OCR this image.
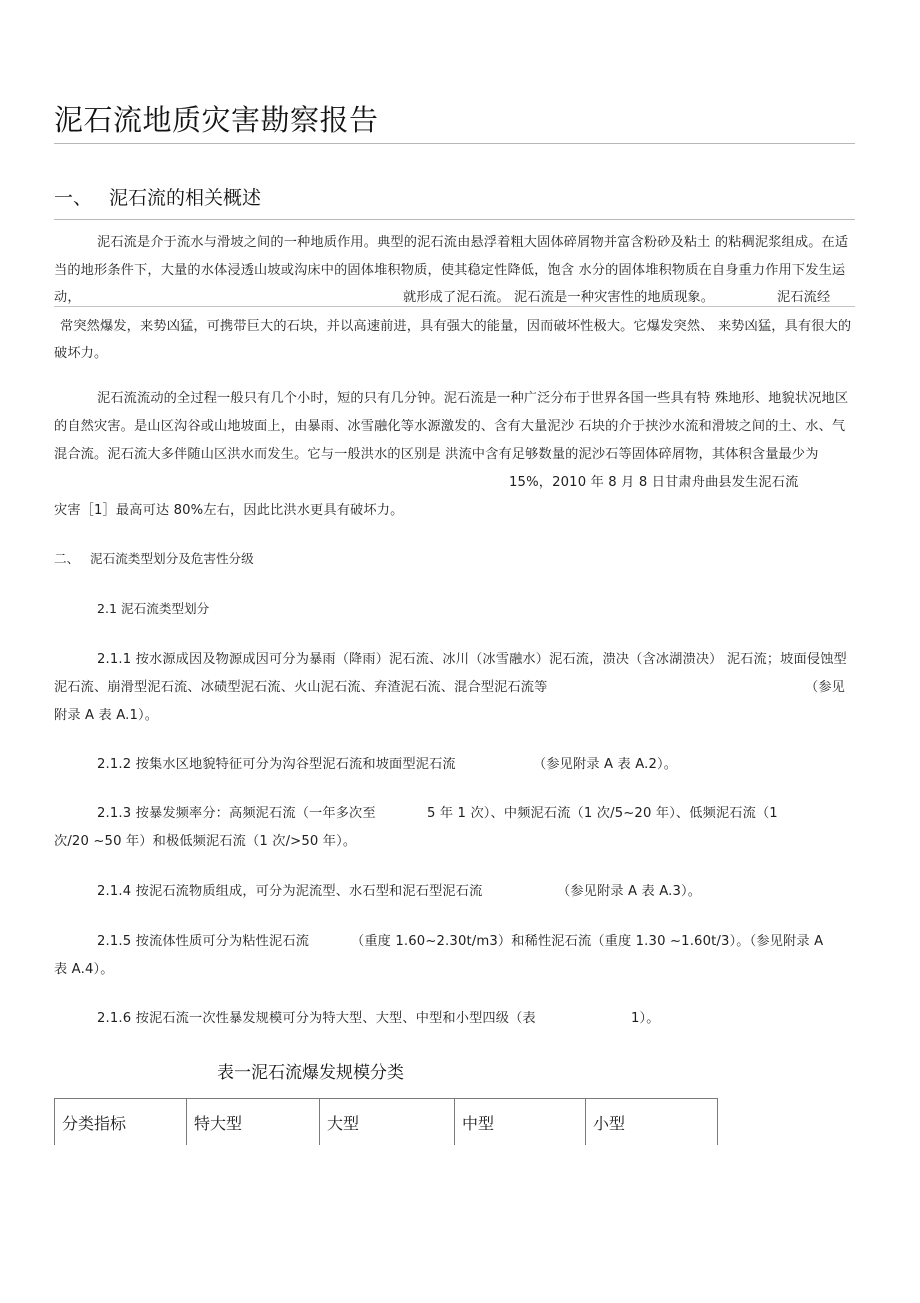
泥石流地质灾害勘察报告
一、 泥石流的相关概述
泥石流是介于流水与滑坡之间的一种地质作用。典型的泥石流由悬浮着粗大固体碎屑物并富含粉砂及粘土 的粘稠泥浆组成。在适
当的地形条件下，大量的水体浸透山坡或沟床中的固体堆积物质，使其稳定性降低，饱含 水分的固体堆积物质在自身重力作用下发生运
动，	就形成了泥石流。 泥石流是一种灾害性的地质现象。	泥石流经
常突然爆发，来势凶猛，可携带巨大的石块，并以高速前进，具有强大的能量，因而破坏性极大。它爆发突然、 来势凶猛，具有很大的
破坏力。
泥石流流动的全过程一般只有几个小时，短的只有几分钟。泥石流是一种广泛分布于世界各国一些具有特 殊地形、地貌状况地区
的自然灾害。是山区沟谷或山地坡面上，由暴雨、冰雪融化等水源激发的、含有大量泥沙 石块的介于挟沙水流和滑坡之间的土、水、气
混合流。泥石流大多伴随山区洪水而发生。它与一般洪水的区别是 洪流中含有足够数量的泥沙石等固体碎屑物，其体积含量最少为
15%，2010 年 8 月 8 日甘肃舟曲县发生泥石流
灾害［1］最高可达 80%左右，因此比洪水更具有破坏力。
二、 泥石流类型划分及危害性分级
2.1 泥石流类型划分
2.1.1 按水源成因及物源成因可分为暴雨（降雨）泥石流、冰川（冰雪融水）泥石流，溃决（含冰湖溃决） 泥石流；坡面侵蚀型
泥石流、崩滑型泥石流、冰碛型泥石流、火山泥石流、弃渣泥石流、混合型泥石流等	（参见
附录 A 表 A.1）。
2.1.2 按集水区地貌特征可分为沟谷型泥石流和坡面型泥石流	（参见附录 A 表 A.2）。
2.1.3 按暴发频率分：高频泥石流（一年多次至	5 年 1 次）、中频泥石流（1 次/5~20 年）、低频泥石流（1
次/20 ~50 年）和极低频泥石流（1 次/>50 年）。
2.1.4 按泥石流物质组成，可分为泥流型、水石型和泥石型泥石流	（参见附录 A 表 A.3）。
2.1.5 按流体性质可分为粘性泥石流	（重度 1.60~2.30t/m3）和稀性泥石流（重度 1.30 ~1.60t/3）。（参见附录 A
表 A.4）。
2.1.6 按泥石流一次性暴发规模可分为特大型、大型、中型和小型四级（表	1）。
表一泥石流爆发规模分类
分类指标	特大型	大型	中型	小型
